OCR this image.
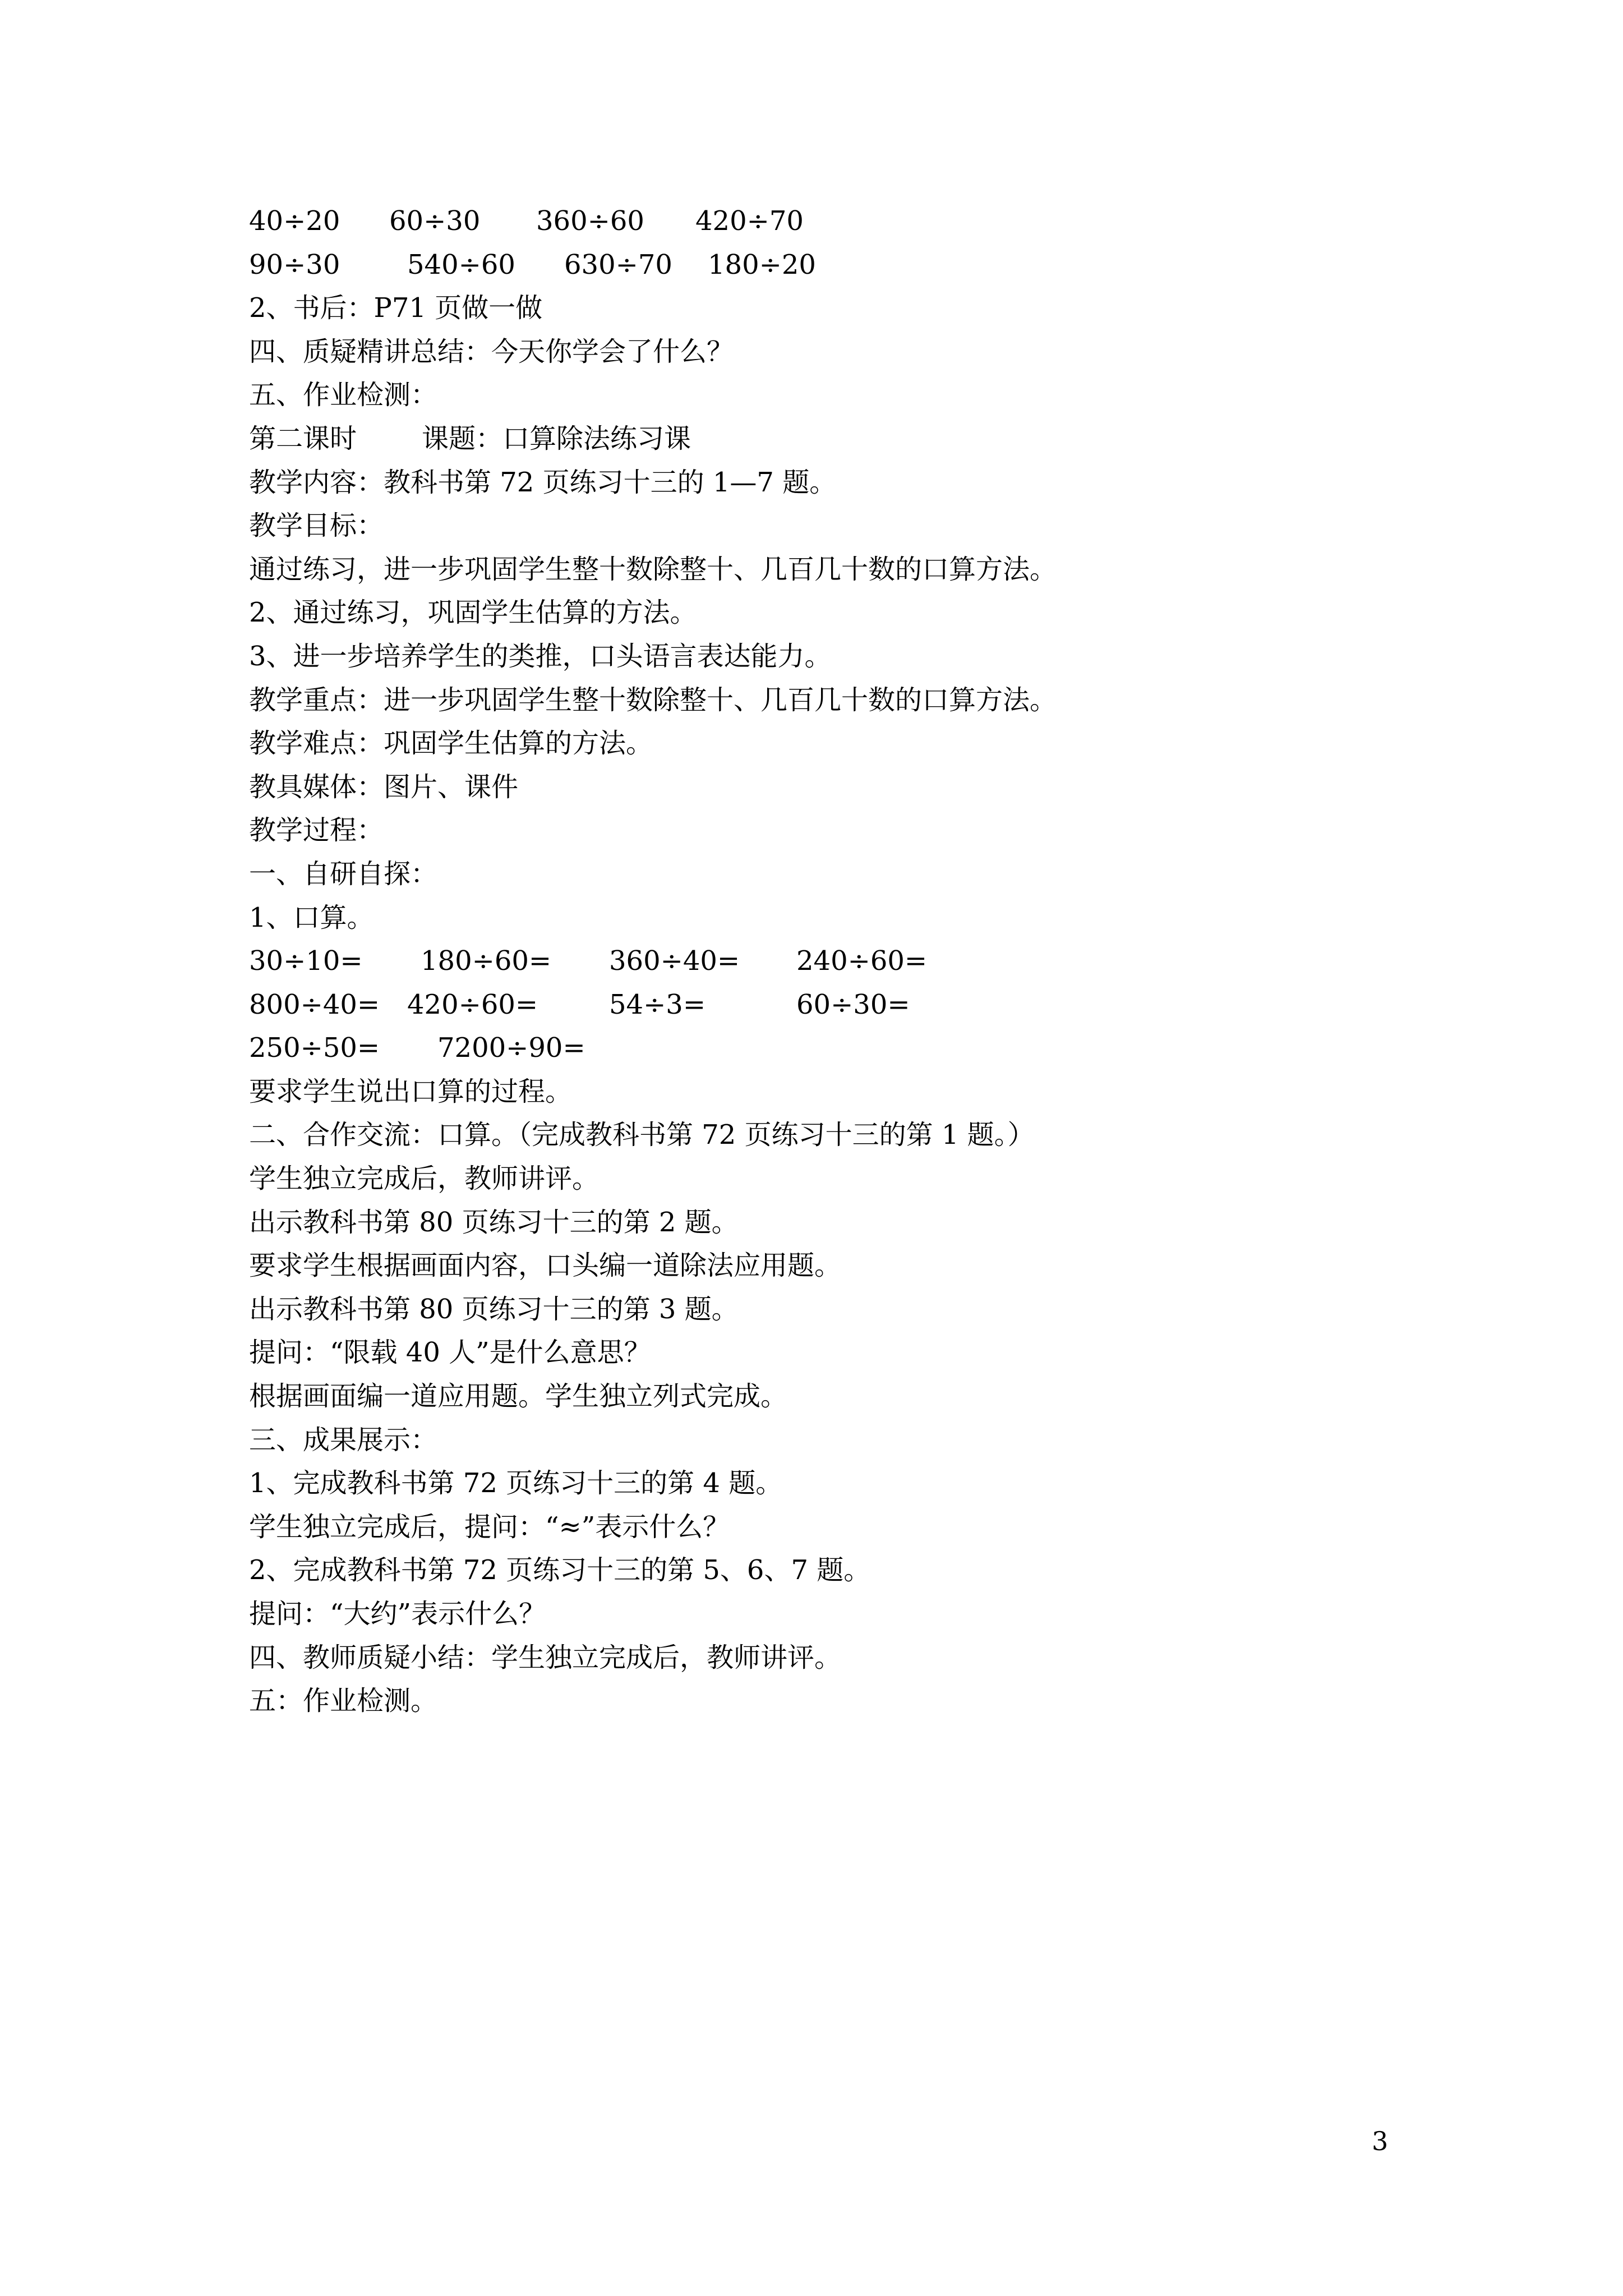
40÷20 60÷30 360÷60 420÷70
90÷30 540÷60 630÷70 180÷20
2、书后：P71 页做一做
四、质疑精讲总结：今天你学会了什么？
五、作业检测：
第二课时 课题：口算除法练习课
教学内容：教科书第 72 页练习十三的 1—7 题。
教学目标：
通过练习，进一步巩固学生整十数除整十、几百几十数的口算方法。
2、通过练习，巩固学生估算的方法。
3、进一步培养学生的类推，口头语言表达能力。
教学重点：进一步巩固学生整十数除整十、几百几十数的口算方法。
教学难点：巩固学生估算的方法。
教具媒体：图片、课件
教学过程：
一、自研自探：
1、口算。
30÷10= 180÷60= 360÷40= 240÷60=
800÷40= 420÷60=	54÷3=	60÷30=
250÷50= 7200÷90=
要求学生说出口算的过程。
二、合作交流：口算。（完成教科书第 72 页练习十三的第 1 题。）
学生独立完成后，教师讲评。
出示教科书第 80 页练习十三的第 2 题。
要求学生根据画面内容，口头编一道除法应用题。
出示教科书第 80 页练习十三的第 3 题。
提问：“限载 40 人”是什么意思？
根据画面编一道应用题。学生独立列式完成。
三、成果展示：
1、完成教科书第 72 页练习十三的第 4 题。
学生独立完成后，提问：“≈”表示什么？
2、完成教科书第 72 页练习十三的第 5、6、7 题。
提问：“大约”表示什么？
四、教师质疑小结：学生独立完成后，教师讲评。
五：作业检测。
3
